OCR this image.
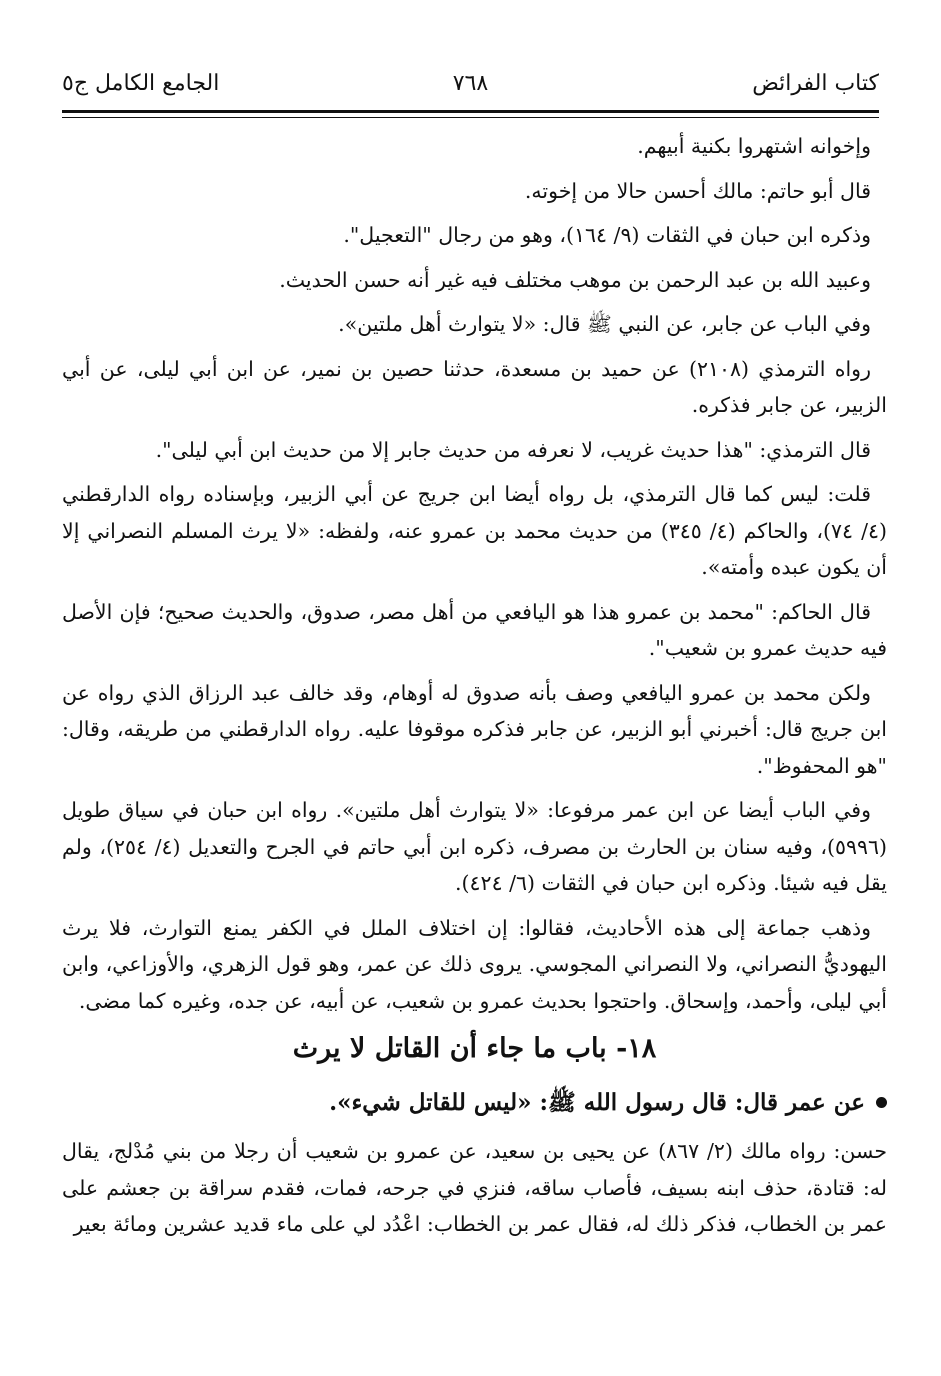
كتاب الفرائض
٧٦٨
الجامع الكامل ج٥

وإخوانه اشتهروا بكنية أبيهم.

قال أبو حاتم: مالك أحسن حالا من إخوته.

وذكره ابن حبان في الثقات (٩/ ١٦٤)، وهو من رجال "التعجيل".

وعبيد الله بن عبد الرحمن بن موهب مختلف فيه غير أنه حسن الحديث.

وفي الباب عن جابر، عن النبي ﷺ قال: «لا يتوارث أهل ملتين».

رواه الترمذي (٢١٠٨) عن حميد بن مسعدة، حدثنا حصين بن نمير، عن ابن أبي ليلى، عن أبي الزبير، عن جابر فذكره.

قال الترمذي: "هذا حديث غريب، لا نعرفه من حديث جابر إلا من حديث ابن أبي ليلى".

قلت: ليس كما قال الترمذي، بل رواه أيضا ابن جريج عن أبي الزبير، وبإسناده رواه الدارقطني (٤/ ٧٤)، والحاكم (٤/ ٣٤٥) من حديث محمد بن عمرو عنه، ولفظه: «لا يرث المسلم النصراني إلا أن يكون عبده وأمته».

قال الحاكم: "محمد بن عمرو هذا هو اليافعي من أهل مصر، صدوق، والحديث صحيح؛ فإن الأصل فيه حديث عمرو بن شعيب".

ولكن محمد بن عمرو اليافعي وصف بأنه صدوق له أوهام، وقد خالف عبد الرزاق الذي رواه عن ابن جريج قال: أخبرني أبو الزبير، عن جابر فذكره موقوفا عليه. رواه الدارقطني من طريقه، وقال: "هو المحفوظ".

وفي الباب أيضا عن ابن عمر مرفوعا: «لا يتوارث أهل ملتين». رواه ابن حبان في سياق طويل (٥٩٩٦)، وفيه سنان بن الحارث بن مصرف، ذكره ابن أبي حاتم في الجرح والتعديل (٤/ ٢٥٤)، ولم يقل فيه شيئا. وذكره ابن حبان في الثقات (٦/ ٤٢٤).

وذهب جماعة إلى هذه الأحاديث، فقالوا: إن اختلاف الملل في الكفر يمنع التوارث، فلا يرث اليهوديُّ النصراني، ولا النصراني المجوسي. يروى ذلك عن عمر، وهو قول الزهري، والأوزاعي، وابن أبي ليلى، وأحمد، وإسحاق. واحتجوا بحديث عمرو بن شعيب، عن أبيه، عن جده، وغيره كما مضى.

١٨- باب ما جاء أن القاتل لا يرث
عن عمر قال: قال رسول الله ﷺ: «ليس للقاتل شيء».

حسن: رواه مالك (٢/ ٨٦٧) عن يحيى بن سعيد، عن عمرو بن شعيب أن رجلا من بني مُدْلج، يقال له: قتادة، حذف ابنه بسيف، فأصاب ساقه، فنزي في جرحه، فمات، فقدم سراقة بن جعشم على عمر بن الخطاب، فذكر ذلك له، فقال عمر بن الخطاب: اعْدُد لي على ماء قديد عشرين ومائة بعير
